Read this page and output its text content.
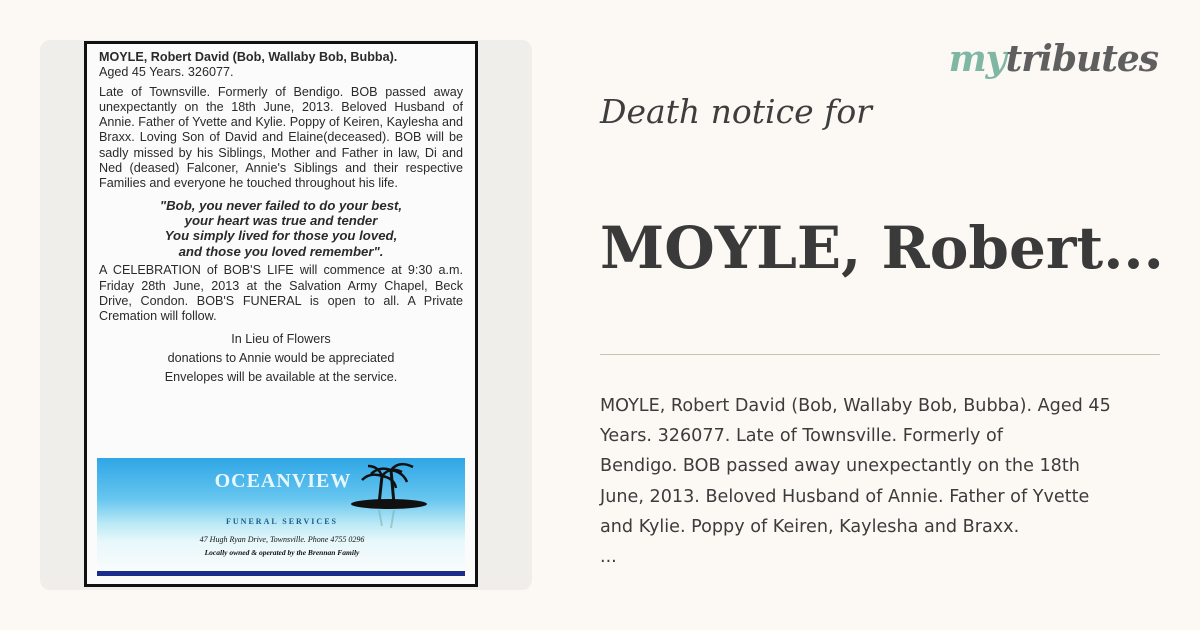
MOYLE, Robert David (Bob, Wallaby Bob, Bubba).
Aged 45 Years. 326077.

Late of Townsville. Formerly of Bendigo. BOB passed away unexpectantly on the 18th June, 2013. Beloved Husband of Annie. Father of Yvette and Kylie. Poppy of Keiren, Kaylesha and Braxx. Loving Son of David and Elaine(deceased). BOB will be sadly missed by his Siblings, Mother and Father in law, Di and Ned (deased) Falconer, Annie's Siblings and their respective Families and everyone he touched throughout his life.

"Bob, you never failed to do your best,
your heart was true and tender
You simply lived for those you loved,
and those you loved remember".

A CELEBRATION of BOB'S LIFE will commence at 9:30 a.m. Friday 28th June, 2013 at the Salvation Army Chapel, Beck Drive, Condon. BOB'S FUNERAL is open to all. A Private Cremation will follow.

In Lieu of Flowers
donations to Annie would be appreciated
Envelopes will be available at the service.
OCEANVIEW
FUNERAL SERVICES
47 Hugh Ryan Drive, Townsville. Phone 4755 0296
Locally owned & operated by the Brennan Family
mytributes
Death notice for
MOYLE, Robert...
MOYLE, Robert David (Bob, Wallaby Bob, Bubba). Aged 45
Years. 326077. Late of Townsville. Formerly of
Bendigo. BOB passed away unexpectantly on the 18th
June, 2013. Beloved Husband of Annie. Father of Yvette
and Kylie. Poppy of Keiren, Kaylesha and Braxx.
...
